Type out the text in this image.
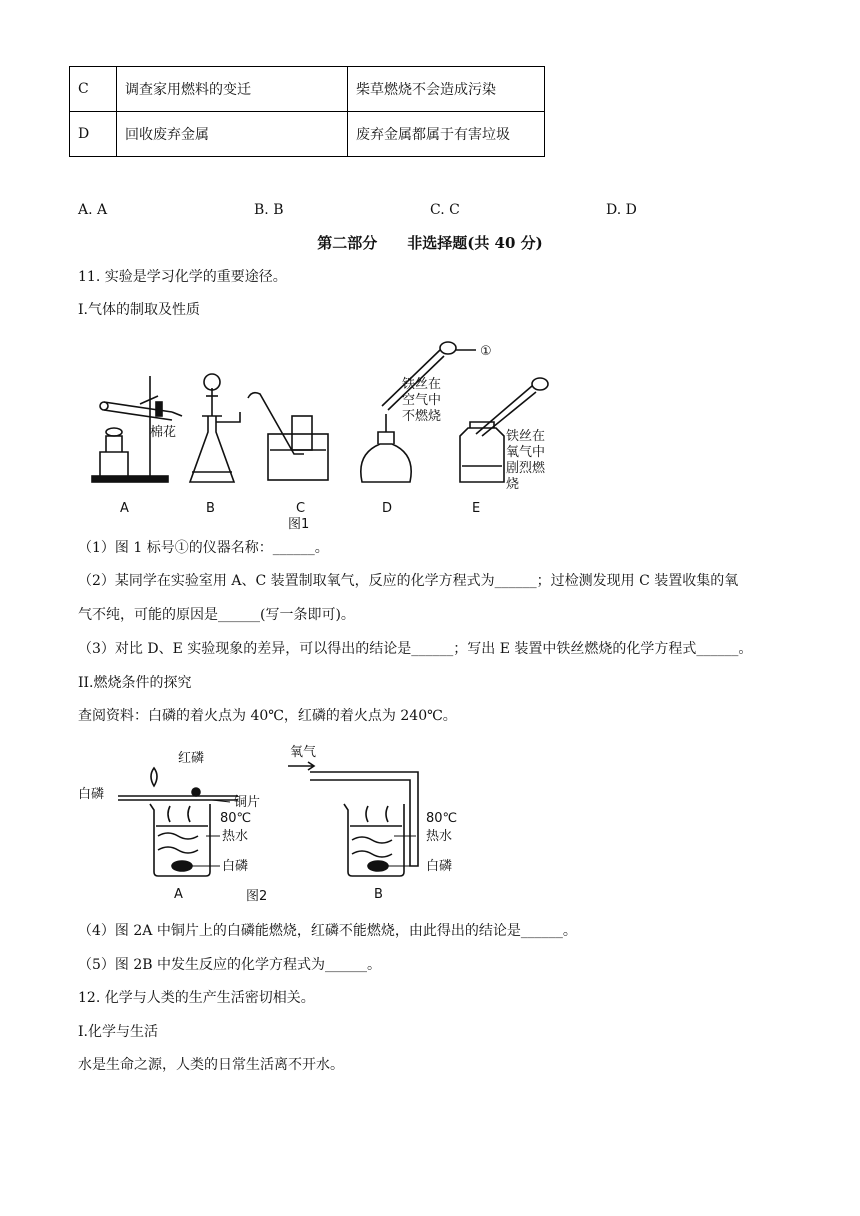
C	调查家用燃料的变迁	柴草燃烧不会造成污染
D	回收废弃金属	废弃金属都属于有害垃圾
A. A	B. B	C. C	D. D
第二部分　　非选择题(共 40 分)
11. 实验是学习化学的重要途径。
I.气体的制取及性质
A	B	C	D	E
图1
棉花
①
铁丝在
空气中
不燃烧
铁丝在
氧气中
剧烈燃
烧
（1）图 1 标号①的仪器名称：______。
（2）某同学在实验室用 A、C 装置制取氧气，反应的化学方程式为______；过检测发现用 C 装置收集的氧
气不纯，可能的原因是______(写一条即可)。
（3）对比 D、E 实验现象的差异，可以得出的结论是______；写出 E 装置中铁丝燃烧的化学方程式______。
II.燃烧条件的探究
查阅资料：白磷的着火点为 40℃，红磷的着火点为 240℃。
红磷
白磷
铜片
80℃
热水
白磷
氧气
80℃
热水
白磷
A	B
图2
（4）图 2A 中铜片上的白磷能燃烧，红磷不能燃烧，由此得出的结论是______。
（5）图 2B 中发生反应的化学方程式为______。
12. 化学与人类的生产生活密切相关。
I.化学与生活
水是生命之源，人类的日常生活离不开水。
